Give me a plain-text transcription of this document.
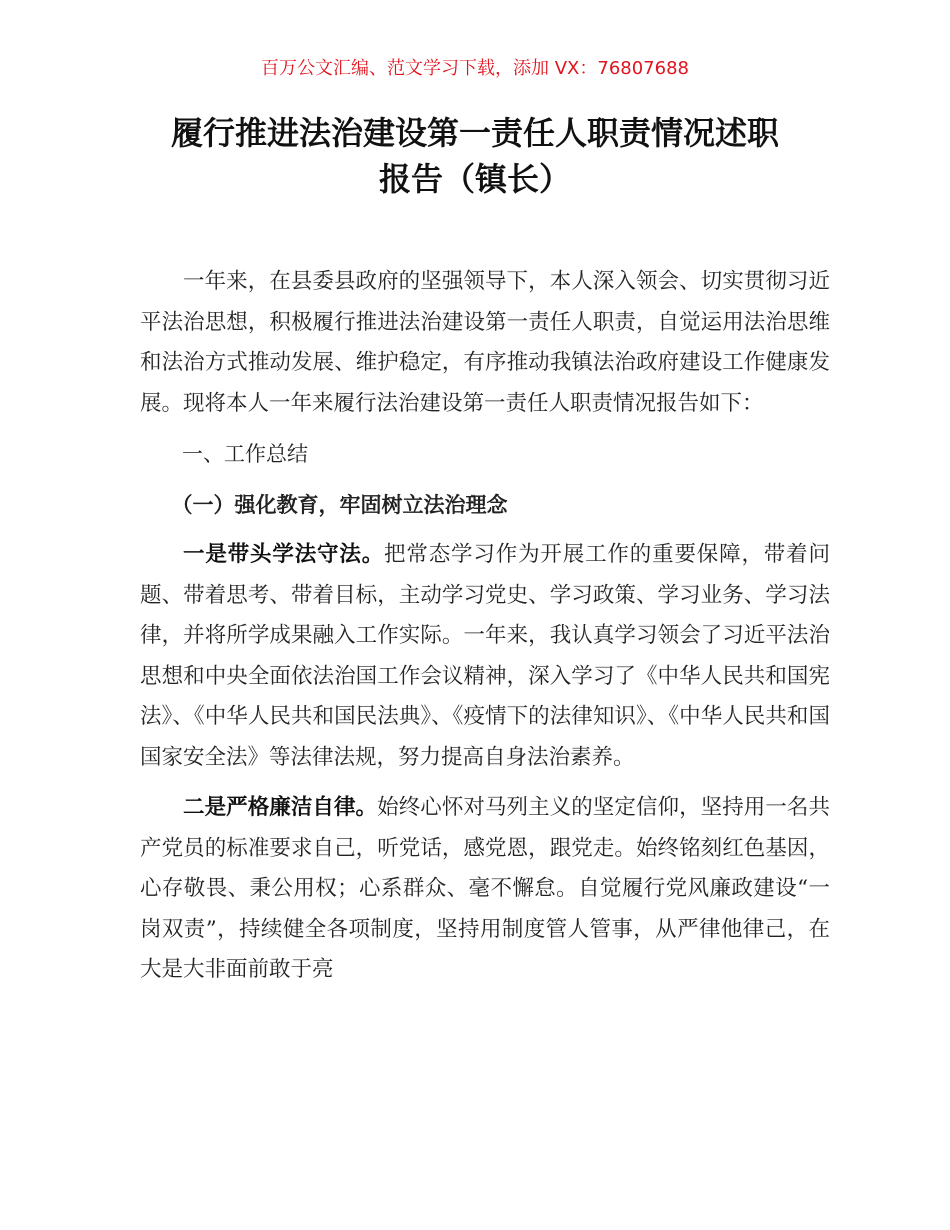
百万公文汇编、范文学习下载，添加 VX：76807688
履行推进法治建设第一责任人职责情况述职
报告（镇长）

一年来，在县委县政府的坚强领导下，本人深入领会、切实贯彻习近平法治思想，积极履行推进法治建设第一责任人职责，自觉运用法治思维和法治方式推动发展、维护稳定，有序推动我镇法治政府建设工作健康发展。现将本人一年来履行法治建设第一责任人职责情况报告如下：

一、工作总结

（一）强化教育，牢固树立法治理念

一是带头学法守法。把常态学习作为开展工作的重要保障，带着问题、带着思考、带着目标，主动学习党史、学习政策、学习业务、学习法律，并将所学成果融入工作实际。一年来，我认真学习领会了习近平法治思想和中央全面依法治国工作会议精神，深入学习了《中华人民共和国宪法》、《中华人民共和国民法典》、《疫情下的法律知识》、《中华人民共和国国家安全法》等法律法规，努力提高自身法治素养。

二是严格廉洁自律。始终心怀对马列主义的坚定信仰，坚持用一名共产党员的标准要求自己，听党话，感党恩，跟党走。始终铭刻红色基因，心存敬畏、秉公用权；心系群众、毫不懈怠。自觉履行党风廉政建设“一岗双责”，持续健全各项制度，坚持用制度管人管事，从严律他律己，在大是大非面前敢于亮
